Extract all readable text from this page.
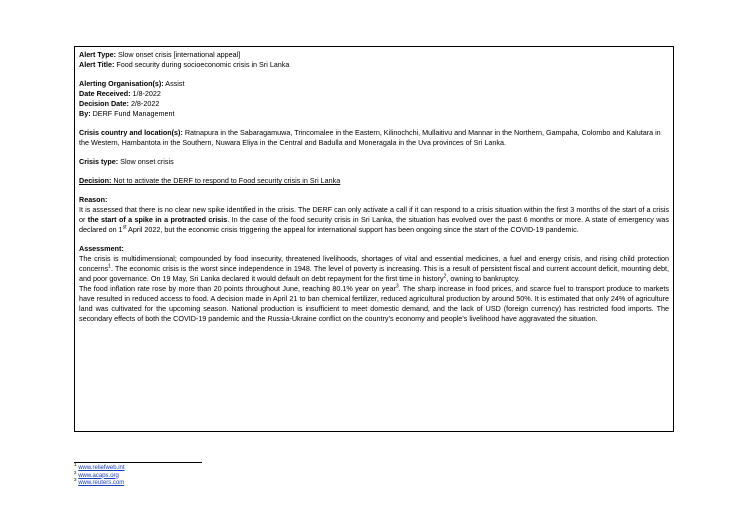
Alert Type: Slow onset crisis [international appeal]

Alert Title: Food security during socioeconomic crisis in Sri Lanka

Alerting Organisation(s): Assist

Date Received: 1/8-2022

Decision Date: 2/8-2022

By: DERF Fund Management

Crisis country and location(s): Ratnapura in the Sabaragamuwa, Trincomalee in the Eastern, Kilinochchi, Mullaitivu and Mannar in the Northern, Gampaha, Colombo and Kalutara in the Western, Hambantota in the Southern, Nuwara Eliya in the Central and Badulla and Moneragala in the Uva provinces of Sri Lanka.

Crisis type: Slow onset crisis

Decision: Not to activate the DERF to respond to Food security crisis in Sri Lanka

Reason:

It is assessed that there is no clear new spike identified in the crisis. The DERF can only activate a call if it can respond to a crisis situation within the first 3 months of the start of a crisis or the start of a spike in a protracted crisis. In the case of the food security crisis in Sri Lanka, the situation has evolved over the past 6 months or more. A state of emergency was declared on 1st April 2022, but the economic crisis triggering the appeal for international support has been ongoing since the start of the COVID-19 pandemic.

Assessment:

The crisis is multidimensional; compounded by food insecurity, threatened livelihoods, shortages of vital and essential medicines, a fuel and energy crisis, and rising child protection concerns$^1$. The economic crisis is the worst since independence in 1948. The level of poverty is increasing. This is a result of persistent fiscal and current account deficit, mounting debt, and poor governance. On 19 May, Sri Lanka declared it would default on debt repayment for the first time in history$^2$, owning to bankruptcy.

The food inflation rate rose by more than 20 points throughout June, reaching 80.1% year on year$^3$. The sharp increase in food prices, and scarce fuel to transport produce to markets have resulted in reduced access to food. A decision made in April 21 to ban chemical fertilizer, reduced agricultural production by around 50%. It is estimated that only 24% of agriculture land was cultivated for the upcoming season. National production is insufficient to meet domestic demand, and the lack of USD (foreign currency) has restricted food imports. The secondary effects of both the COVID-19 pandemic and the Russia-Ukraine conflict on the country’s economy and people’s livelihood have aggravated the situation.

$^1$ www.reliefweb.int
$^2$ www.acaps.org
$^3$ www.reuters.com
